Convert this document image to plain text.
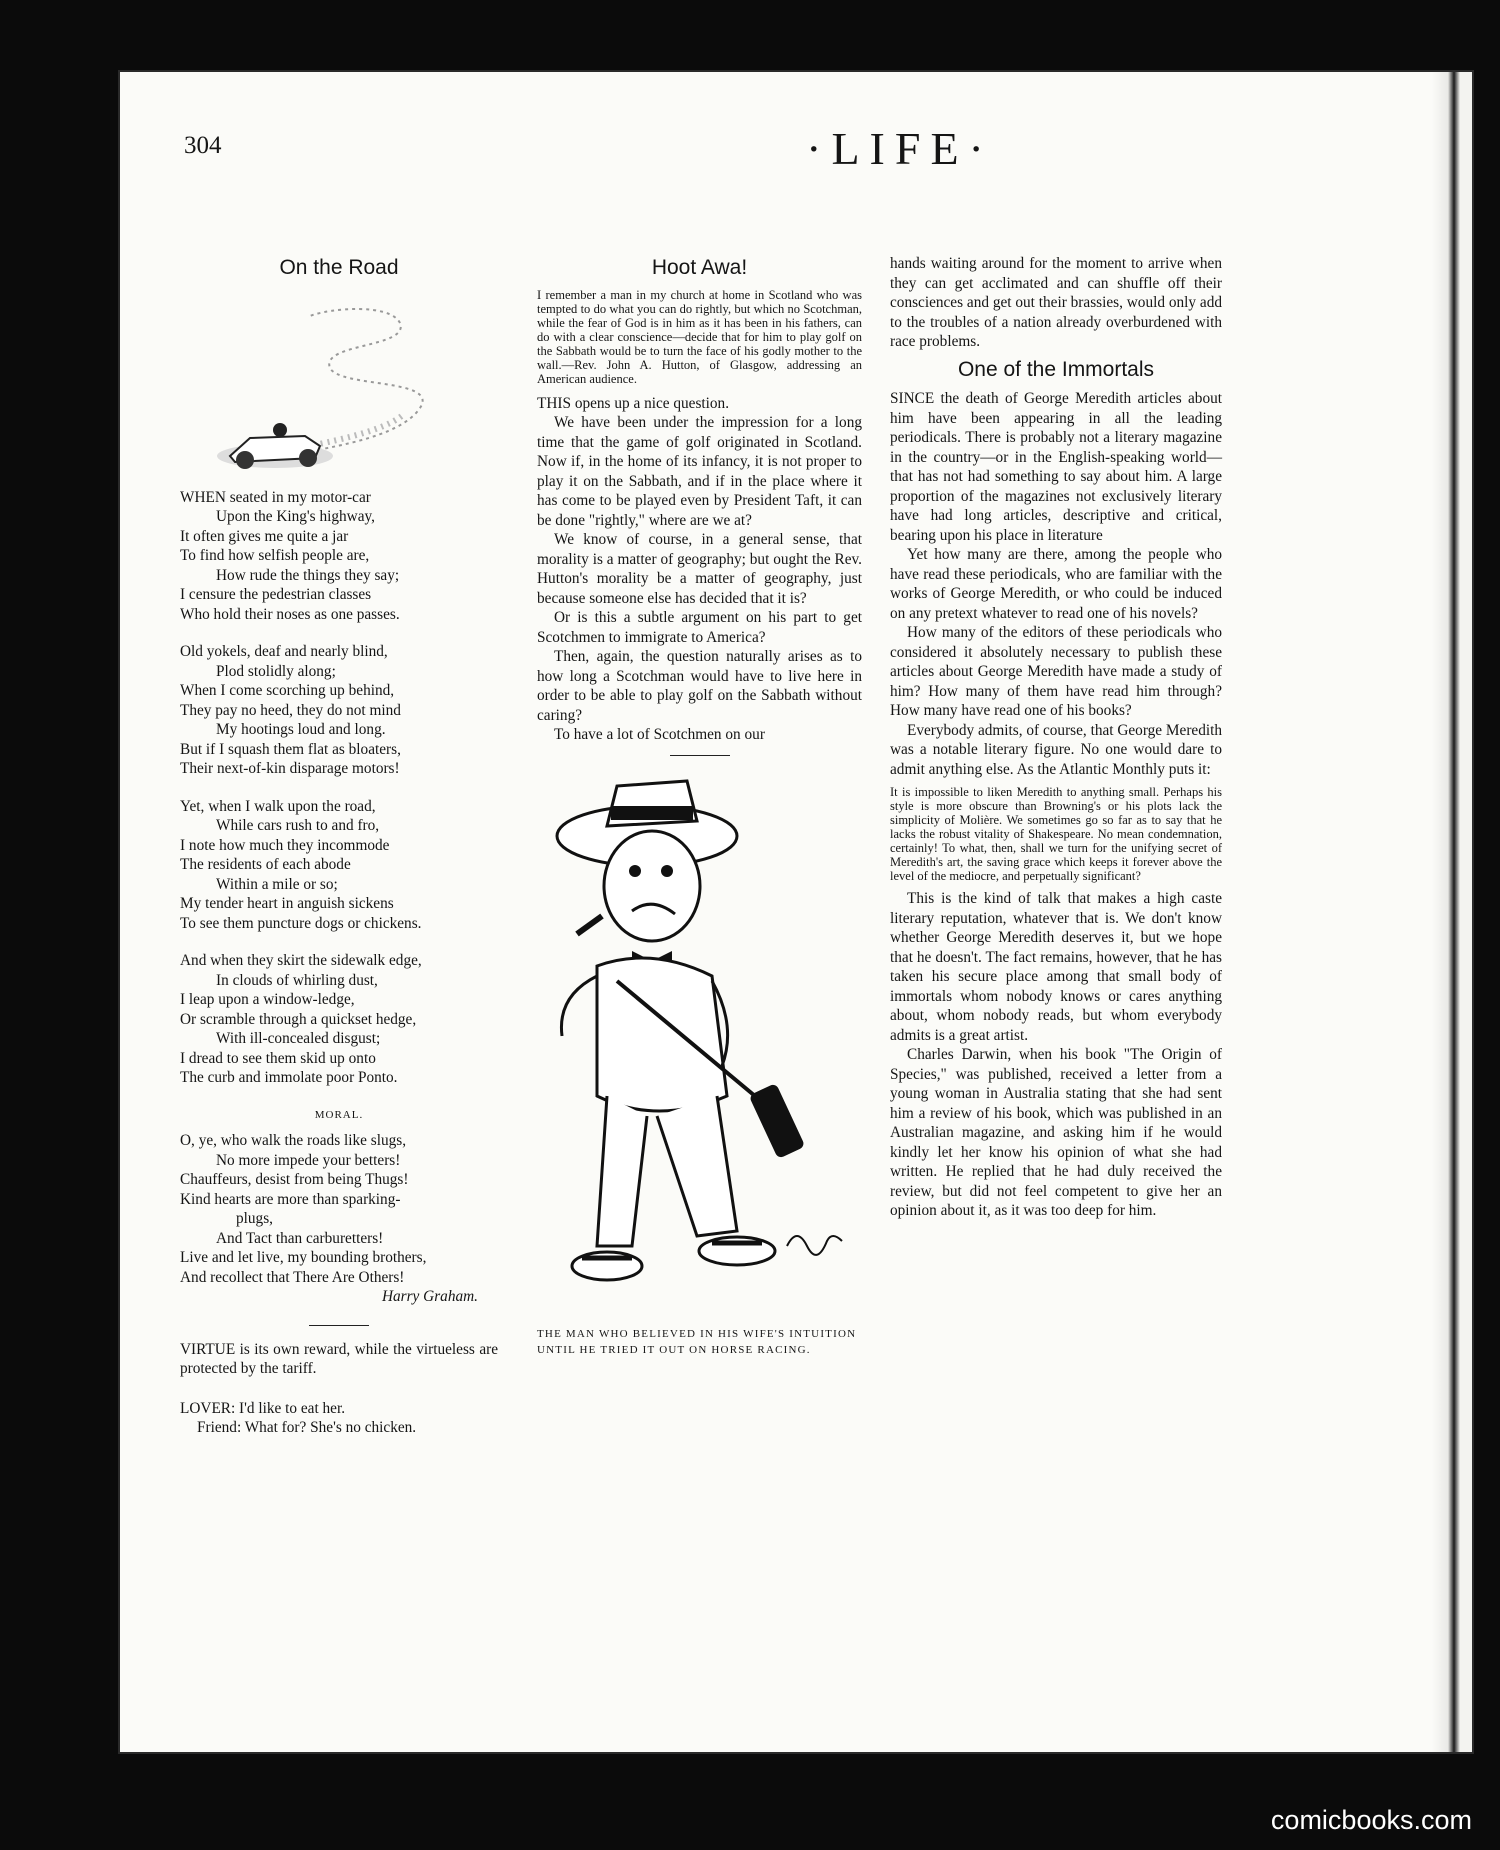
304	·LIFE·
On the Road
WHEN seated in my motor-car
Upon the King's highway,
It often gives me quite a jar
To find how selfish people are,
How rude the things they say;
I censure the pedestrian classes
Who hold their noses as one passes.
Old yokels, deaf and nearly blind,
Plod stolidly along;
When I come scorching up behind,
They pay no heed, they do not mind
My hootings loud and long.
But if I squash them flat as bloaters,
Their next-of-kin disparage motors!
Yet, when I walk upon the road,
While cars rush to and fro,
I note how much they incommode
The residents of each abode
Within a mile or so;
My tender heart in anguish sickens
To see them puncture dogs or chickens.
And when they skirt the sidewalk edge,
In clouds of whirling dust,
I leap upon a window-ledge,
Or scramble through a quickset hedge,
With ill-concealed disgust;
I dread to see them skid up onto
The curb and immolate poor Ponto.
MORAL.
O, ye, who walk the roads like slugs,
No more impede your betters!
Chauffeurs, desist from being Thugs!
Kind hearts are more than sparking-
plugs,
And Tact than carburetters!
Live and let live, my bounding brothers,
And recollect that There Are Others!
Harry Graham.

VIRTUE is its own reward, while the virtueless are protected by the tariff.

LOVER: I'd like to eat her.

Friend: What for? She's no chicken.

Hoot Awa!
I remember a man in my church at home in Scotland who was tempted to do what you can do rightly, but which no Scotchman, while the fear of God is in him as it has been in his fathers, can do with a clear conscience—decide that for him to play golf on the Sabbath would be to turn the face of his godly mother to the wall.—Rev. John A. Hutton, of Glasgow, addressing an American audience.

THIS opens up a nice question.

We have been under the impression for a long time that the game of golf originated in Scotland. Now if, in the home of its infancy, it is not proper to play it on the Sabbath, and if in the place where it has come to be played even by President Taft, it can be done "rightly," where are we at?

We know of course, in a general sense, that morality is a matter of geography; but ought the Rev. Hutton's morality be a matter of geography, just because someone else has decided that it is?

Or is this a subtle argument on his part to get Scotchmen to immigrate to America?

Then, again, the question naturally arises as to how long a Scotchman would have to live here in order to be able to play golf on the Sabbath without caring?

To have a lot of Scotchmen on our

THE MAN WHO BELIEVED IN HIS WIFE'S INTUITION UNTIL HE TRIED IT OUT ON HORSE RACING.

hands waiting around for the moment to arrive when they can get acclimated and can shuffle off their consciences and get out their brassies, would only add to the troubles of a nation already overburdened with race problems.

One of the Immortals

SINCE the death of George Meredith articles about him have been appearing in all the leading periodicals. There is probably not a literary magazine in the country—or in the English-speaking world—that has not had something to say about him. A large proportion of the magazines not exclusively literary have had long articles, descriptive and critical, bearing upon his place in literature

Yet how many are there, among the people who have read these periodicals, who are familiar with the works of George Meredith, or who could be induced on any pretext whatever to read one of his novels?

How many of the editors of these periodicals who considered it absolutely necessary to publish these articles about George Meredith have made a study of him? How many of them have read him through? How many have read one of his books?

Everybody admits, of course, that George Meredith was a notable literary figure. No one would dare to admit anything else. As the Atlantic Monthly puts it:

It is impossible to liken Meredith to anything small. Perhaps his style is more obscure than Browning's or his plots lack the simplicity of Molière. We sometimes go so far as to say that he lacks the robust vitality of Shakespeare. No mean condemnation, certainly! To what, then, shall we turn for the unifying secret of Meredith's art, the saving grace which keeps it forever above the level of the mediocre, and perpetually significant?

This is the kind of talk that makes a high caste literary reputation, whatever that is. We don't know whether George Meredith deserves it, but we hope that he doesn't. The fact remains, however, that he has taken his secure place among that small body of immortals whom nobody knows or cares anything about, whom nobody reads, but whom everybody admits is a great artist.

Charles Darwin, when his book "The Origin of Species," was published, received a letter from a young woman in Australia stating that she had sent him a review of his book, which was published in an Australian magazine, and asking him if he would kindly let her know his opinion of what she had written. He replied that he had duly received the review, but did not feel competent to give her an opinion about it, as it was too deep for him.

comicbooks.com
